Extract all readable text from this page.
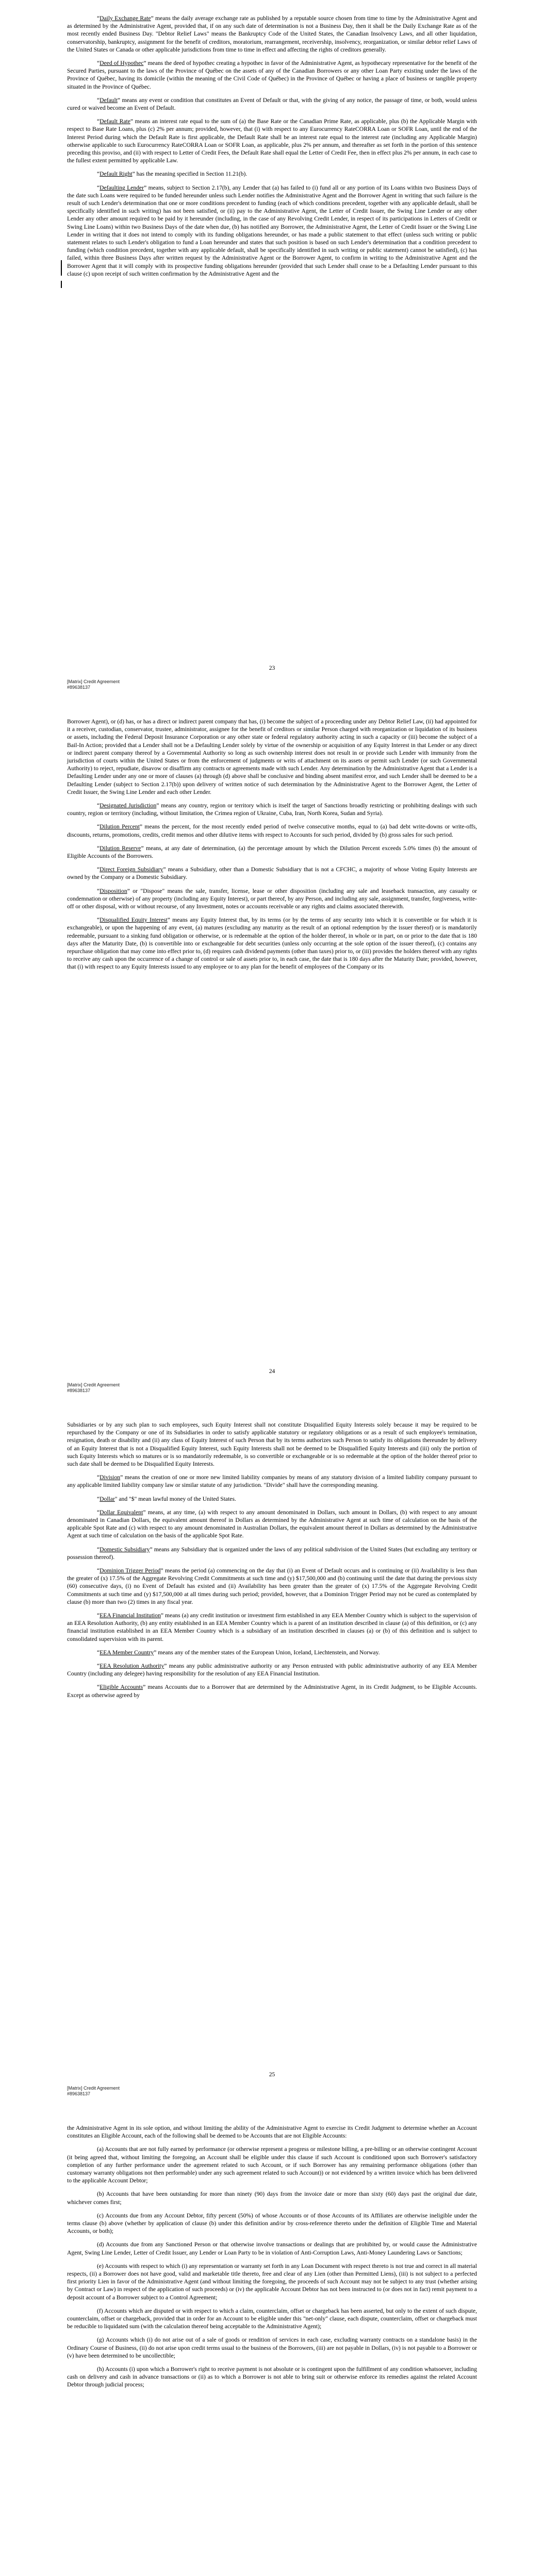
“Daily Exchange Rate” means the daily average exchange rate as published by a reputable source chosen from time to time by the Administrative Agent and as determined by the Administrative Agent, provided that, if on any such date of determination is not a Business Day, then it shall be the Daily Exchange Rate as of the most recently ended Business Day. "Debtor Relief Laws" means the Bankruptcy Code of the United States, the Canadian Insolvency Laws, and all other liquidation, conservatorship, bankruptcy, assignment for the benefit of creditors, moratorium, rearrangement, receivership, insolvency, reorganization, or similar debtor relief Laws of the United States or Canada or other applicable jurisdictions from time to time in effect and affecting the rights of creditors generally.

“Deed of Hypothec” means the deed of hypothec creating a hypothec in favor of the Administrative Agent, as hypothecary representative for the benefit of the Secured Parties, pursuant to the laws of the Province of Québec on the assets of any of the Canadian Borrowers or any other Loan Party existing under the laws of the Province of Québec, having its domicile (within the meaning of the Civil Code of Québec) in the Province of Québec or having a place of business or tangible property situated in the Province of Québec.

“Default” means any event or condition that constitutes an Event of Default or that, with the giving of any notice, the passage of time, or both, would unless cured or waived become an Event of Default.

“Default Rate” means an interest rate equal to the sum of (a) the Base Rate or the Canadian Prime Rate, as applicable, plus (b) the Applicable Margin with respect to Base Rate Loans, plus (c) 2% per annum; provided, however, that (i) with respect to any Eurocurrency RateCORRA Loan or SOFR Loan, until the end of the Interest Period during which the Default Rate is first applicable, the Default Rate shall be an interest rate equal to the interest rate (including any Applicable Margin) otherwise applicable to such Eurocurrency RateCORRA Loan or SOFR Loan, as applicable, plus 2% per annum, and thereafter as set forth in the portion of this sentence preceding this proviso, and (ii) with respect to Letter of Credit Fees, the Default Rate shall equal the Letter of Credit Fee, then in effect plus 2% per annum, in each case to the fullest extent permitted by applicable Law.

“Default Right” has the meaning specified in Section 11.21(b).

“Defaulting Lender” means, subject to Section 2.17(b), any Lender that (a) has failed to (i) fund all or any portion of its Loans within two Business Days of the date such Loans were required to be funded hereunder unless such Lender notifies the Administrative Agent and the Borrower Agent in writing that such failure is the result of such Lender's determination that one or more conditions precedent to funding (each of which conditions precedent, together with any applicable default, shall be specifically identified in such writing) has not been satisfied, or (ii) pay to the Administrative Agent, the Letter of Credit Issuer, the Swing Line Lender or any other Lender any other amount required to be paid by it hereunder (including, in the case of any Revolving Credit Lender, in respect of its participations in Letters of Credit or Swing Line Loans) within two Business Days of the date when due, (b) has notified any Borrower, the Administrative Agent, the Letter of Credit Issuer or the Swing Line Lender in writing that it does not intend to comply with its funding obligations hereunder, or has made a public statement to that effect (unless such writing or public statement relates to such Lender's obligation to fund a Loan hereunder and states that such position is based on such Lender's determination that a condition precedent to funding (which condition precedent, together with any applicable default, shall be specifically identified in such writing or public statement) cannot be satisfied), (c) has failed, within three Business Days after written request by the Administrative Agent or the Borrower Agent, to confirm in writing to the Administrative Agent and the Borrower Agent that it will comply with its prospective funding obligations hereunder (provided that such Lender shall cease to be a Defaulting Lender pursuant to this clause (c) upon receipt of such written confirmation by the Administrative Agent and the

23
[Matrix] Credit Agreement
#89638137

Borrower Agent), or (d) has, or has a direct or indirect parent company that has, (i) become the subject of a proceeding under any Debtor Relief Law, (ii) had appointed for it a receiver, custodian, conservator, trustee, administrator, assignee for the benefit of creditors or similar Person charged with reorganization or liquidation of its business or assets, including the Federal Deposit Insurance Corporation or any other state or federal regulatory authority acting in such a capacity or (iii) become the subject of a Bail-In Action; provided that a Lender shall not be a Defaulting Lender solely by virtue of the ownership or acquisition of any Equity Interest in that Lender or any direct or indirect parent company thereof by a Governmental Authority so long as such ownership interest does not result in or provide such Lender with immunity from the jurisdiction of courts within the United States or from the enforcement of judgments or writs of attachment on its assets or permit such Lender (or such Governmental Authority) to reject, repudiate, disavow or disaffirm any contracts or agreements made with such Lender. Any determination by the Administrative Agent that a Lender is a Defaulting Lender under any one or more of clauses (a) through (d) above shall be conclusive and binding absent manifest error, and such Lender shall be deemed to be a Defaulting Lender (subject to Section 2.17(b)) upon delivery of written notice of such determination by the Administrative Agent to the Borrower Agent, the Letter of Credit Issuer, the Swing Line Lender and each other Lender.

“Designated Jurisdiction” means any country, region or territory which is itself the target of Sanctions broadly restricting or prohibiting dealings with such country, region or territory (including, without limitation, the Crimea region of Ukraine, Cuba, Iran, North Korea, Sudan and Syria).

“Dilution Percent” means the percent, for the most recently ended period of twelve consecutive months, equal to (a) bad debt write-downs or write-offs, discounts, returns, promotions, credits, credit memos and other dilutive items with respect to Accounts for such period, divided by (b) gross sales for such period.

“Dilution Reserve” means, at any date of determination, (a) the percentage amount by which the Dilution Percent exceeds 5.0% times (b) the amount of Eligible Accounts of the Borrowers.

“Direct Foreign Subsidiary” means a Subsidiary, other than a Domestic Subsidiary that is not a CFCHC, a majority of whose Voting Equity Interests are owned by the Company or a Domestic Subsidiary.

“Disposition” or "Dispose" means the sale, transfer, license, lease or other disposition (including any sale and leaseback transaction, any casualty or condemnation or otherwise) of any property (including any Equity Interest), or part thereof, by any Person, and including any sale, assignment, transfer, forgiveness, write-off or other disposal, with or without recourse, of any Investment, notes or accounts receivable or any rights and claims associated therewith.

“Disqualified Equity Interest” means any Equity Interest that, by its terms (or by the terms of any security into which it is convertible or for which it is exchangeable), or upon the happening of any event, (a) matures (excluding any maturity as the result of an optional redemption by the issuer thereof) or is mandatorily redeemable, pursuant to a sinking fund obligation or otherwise, or is redeemable at the option of the holder thereof, in whole or in part, on or prior to the date that is 180 days after the Maturity Date, (b) is convertible into or exchangeable for debt securities (unless only occurring at the sole option of the issuer thereof), (c) contains any repurchase obligation that may come into effect prior to, (d) requires cash dividend payments (other than taxes) prior to, or (iii) provides the holders thereof with any rights to receive any cash upon the occurrence of a change of control or sale of assets prior to, in each case, the date that is 180 days after the Maturity Date; provided, however, that (i) with respect to any Equity Interests issued to any employee or to any plan for the benefit of employees of the Company or its

24
[Matrix] Credit Agreement
#89638137

Subsidiaries or by any such plan to such employees, such Equity Interest shall not constitute Disqualified Equity Interests solely because it may be required to be repurchased by the Company or one of its Subsidiaries in order to satisfy applicable statutory or regulatory obligations or as a result of such employee's termination, resignation, death or disability and (ii) any class of Equity Interest of such Person that by its terms authorizes such Person to satisfy its obligations thereunder by delivery of an Equity Interest that is not a Disqualified Equity Interest, such Equity Interests shall not be deemed to be Disqualified Equity Interests and (iii) only the portion of such Equity Interests which so matures or is so mandatorily redeemable, is so convertible or exchangeable or is so redeemable at the option of the holder thereof prior to such date shall be deemed to be Disqualified Equity Interests.

“Division” means the creation of one or more new limited liability companies by means of any statutory division of a limited liability company pursuant to any applicable limited liability company law or similar statute of any jurisdiction. "Divide" shall have the corresponding meaning.

“Dollar" and "$" mean lawful money of the United States.

“Dollar Equivalent” means, at any time, (a) with respect to any amount denominated in Dollars, such amount in Dollars, (b) with respect to any amount denominated in Canadian Dollars, the equivalent amount thereof in Dollars as determined by the Administrative Agent at such time of calculation on the basis of the applicable Spot Rate and (c) with respect to any amount denominated in Australian Dollars, the equivalent amount thereof in Dollars as determined by the Administrative Agent at such time of calculation on the basis of the applicable Spot Rate.

“Domestic Subsidiary” means any Subsidiary that is organized under the laws of any political subdivision of the United States (but excluding any territory or possession thereof).

“Dominion Trigger Period” means the period (a) commencing on the day that (i) an Event of Default occurs and is continuing or (ii) Availability is less than the greater of (x) 17.5% of the Aggregate Revolving Credit Commitments at such time and (y) $17,500,000 and (b) continuing until the date that during the previous sixty (60) consecutive days, (i) no Event of Default has existed and (ii) Availability has been greater than the greater of (x) 17.5% of the Aggregate Revolving Credit Commitments at such time and (y) $17,500,000 at all times during such period; provided, however, that a Dominion Trigger Period may not be cured as contemplated by clause (b) more than two (2) times in any fiscal year.

“EEA Financial Institution” means (a) any credit institution or investment firm established in any EEA Member Country which is subject to the supervision of an EEA Resolution Authority, (b) any entity established in an EEA Member Country which is a parent of an institution described in clause (a) of this definition, or (c) any financial institution established in an EEA Member Country which is a subsidiary of an institution described in clauses (a) or (b) of this definition and is subject to consolidated supervision with its parent.

“EEA Member Country” means any of the member states of the European Union, Iceland, Liechtenstein, and Norway.

“EEA Resolution Authority” means any public administrative authority or any Person entrusted with public administrative authority of any EEA Member Country (including any delegee) having responsibility for the resolution of any EEA Financial Institution.

“Eligible Accounts” means Accounts due to a Borrower that are determined by the Administrative Agent, in its Credit Judgment, to be Eligible Accounts. Except as otherwise agreed by

25
[Matrix] Credit Agreement
#89638137

the Administrative Agent in its sole option, and without limiting the ability of the Administrative Agent to exercise its Credit Judgment to determine whether an Account constitutes an Eligible Account, each of the following shall be deemed to be Accounts that are not Eligible Accounts:

(a) Accounts that are not fully earned by performance (or otherwise represent a progress or milestone billing, a pre-billing or an otherwise contingent Account (it being agreed that, without limiting the foregoing, an Account shall be eligible under this clause if such Account is conditioned upon such Borrower's satisfactory completion of any further performance under the agreement related to such Account, or if such Borrower has any remaining performance obligations (other than customary warranty obligations not then performable) under any such agreement related to such Account)) or not evidenced by a written invoice which has been delivered to the applicable Account Debtor;

(b) Accounts that have been outstanding for more than ninety (90) days from the invoice date or more than sixty (60) days past the original due date, whichever comes first;

(c) Accounts due from any Account Debtor, fifty percent (50%) of whose Accounts or of those Accounts of its Affiliates are otherwise ineligible under the terms clause (b) above (whether by application of clause (b) under this definition and/or by cross-reference thereto under the definition of Eligible Time and Material Accounts, or both);

(d) Accounts due from any Sanctioned Person or that otherwise involve transactions or dealings that are prohibited by, or would cause the Administrative Agent, Swing Line Lender, Letter of Credit Issuer, any Lender or Loan Party to be in violation of Anti-Corruption Laws, Anti-Money Laundering Laws or Sanctions;

(e) Accounts with respect to which (i) any representation or warranty set forth in any Loan Document with respect thereto is not true and correct in all material respects, (ii) a Borrower does not have good, valid and marketable title thereto, free and clear of any Lien (other than Permitted Liens), (iii) is not subject to a perfected first priority Lien in favor of the Administrative Agent (and without limiting the foregoing, the proceeds of such Account may not be subject to any trust (whether arising by Contract or Law) in respect of the application of such proceeds) or (iv) the applicable Account Debtor has not been instructed to (or does not in fact) remit payment to a deposit account of a Borrower subject to a Control Agreement;

(f) Accounts which are disputed or with respect to which a claim, counterclaim, offset or chargeback has been asserted, but only to the extent of such dispute, counterclaim, offset or chargeback, provided that in order for an Account to be eligible under this "net-only" clause, each dispute, counterclaim, offset or chargeback must be reducible to liquidated sum (with the calculation thereof being acceptable to the Administrative Agent);

(g) Accounts which (i) do not arise out of a sale of goods or rendition of services in each case, excluding warranty contracts on a standalone basis) in the Ordinary Course of Business, (ii) do not arise upon credit terms usual to the business of the Borrowers, (iii) are not payable in Dollars, (iv) is not payable to a Borrower or (v) have been determined to be uncollectible;

(h) Accounts (i) upon which a Borrower's right to receive payment is not absolute or is contingent upon the fulfillment of any condition whatsoever, including cash on delivery and cash in advance transactions or (ii) as to which a Borrower is not able to bring suit or otherwise enforce its remedies against the related Account Debtor through judicial process;
